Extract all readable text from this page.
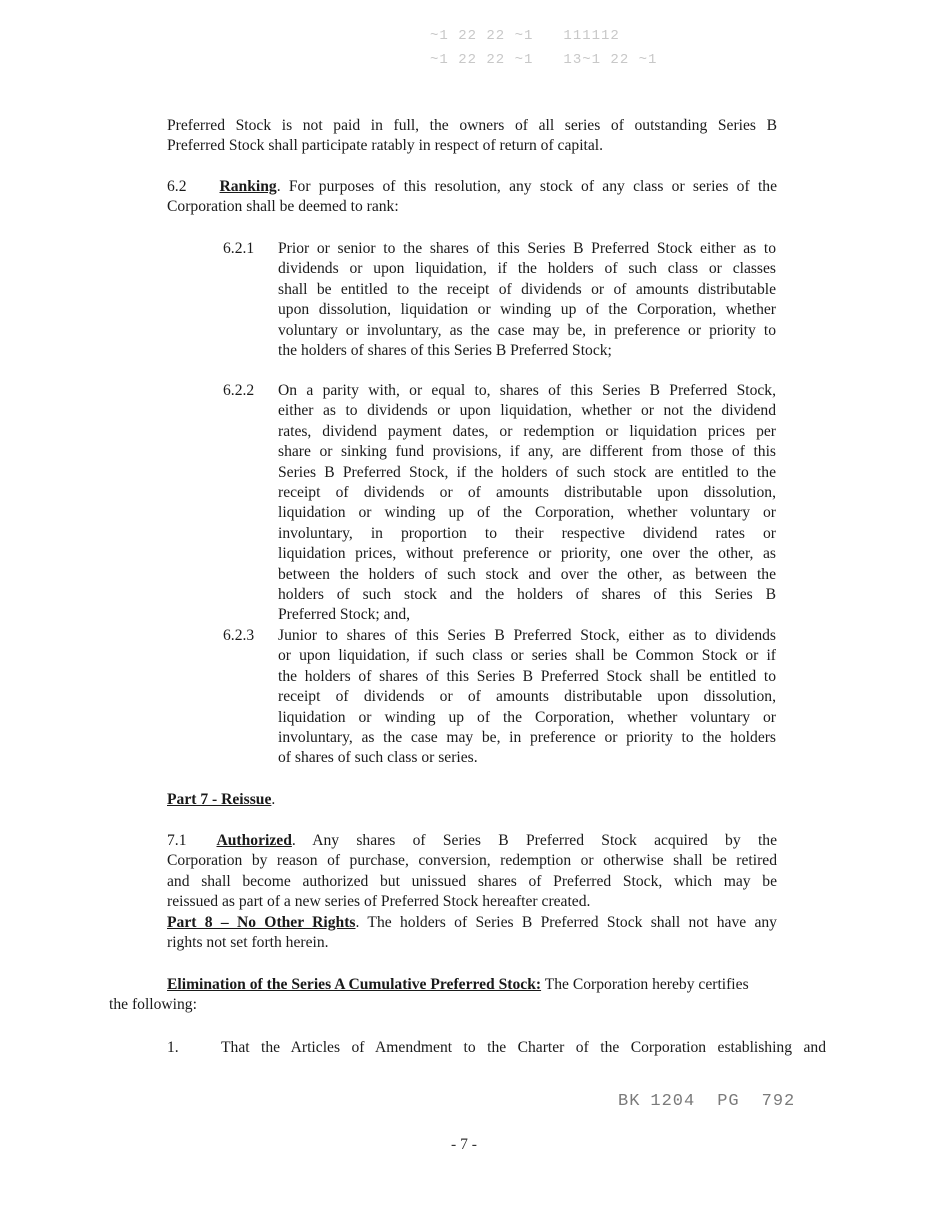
~1 22 22 ~1 111112
~1 22 22 ~1 13~1 22 ~1
Preferred Stock is not paid in full, the owners of all series of outstanding Series B
Preferred Stock shall participate ratably in respect of return of capital.
6.2 Ranking. For purposes of this resolution, any stock of any class or series of the
Corporation shall be deemed to rank:
6.2.1 Prior or senior to the shares of this Series B Preferred Stock either as to
dividends or upon liquidation, if the holders of such class or classes
shall be entitled to the receipt of dividends or of amounts distributable
upon dissolution, liquidation or winding up of the Corporation, whether
voluntary or involuntary, as the case may be, in preference or priority to
the holders of shares of this Series B Preferred Stock;
6.2.2 On a parity with, or equal to, shares of this Series B Preferred Stock,
either as to dividends or upon liquidation, whether or not the dividend
rates, dividend payment dates, or redemption or liquidation prices per
share or sinking fund provisions, if any, are different from those of this
Series B Preferred Stock, if the holders of such stock are entitled to the
receipt of dividends or of amounts distributable upon dissolution,
liquidation or winding up of the Corporation, whether voluntary or
involuntary, in proportion to their respective dividend rates or
liquidation prices, without preference or priority, one over the other, as
between the holders of such stock and over the other, as between the
holders of such stock and the holders of shares of this Series B
Preferred Stock; and,
6.2.3 Junior to shares of this Series B Preferred Stock, either as to dividends
or upon liquidation, if such class or series shall be Common Stock or if
the holders of shares of this Series B Preferred Stock shall be entitled to
receipt of dividends or of amounts distributable upon dissolution,
liquidation or winding up of the Corporation, whether voluntary or
involuntary, as the case may be, in preference or priority to the holders
of shares of such class or series.
Part 7 - Reissue.
7.1 Authorized. Any shares of Series B Preferred Stock acquired by the
Corporation by reason of purchase, conversion, redemption or otherwise shall be retired
and shall become authorized but unissued shares of Preferred Stock, which may be
reissued as part of a new series of Preferred Stock hereafter created.
Part 8 – No Other Rights. The holders of Series B Preferred Stock shall not have any
rights not set forth herein.
Elimination of the Series A Cumulative Preferred Stock: The Corporation hereby certifies
the following:
1.	That the Articles of Amendment to the Charter of the Corporation establishing and
BK 1204 PG 792
- 7 -
